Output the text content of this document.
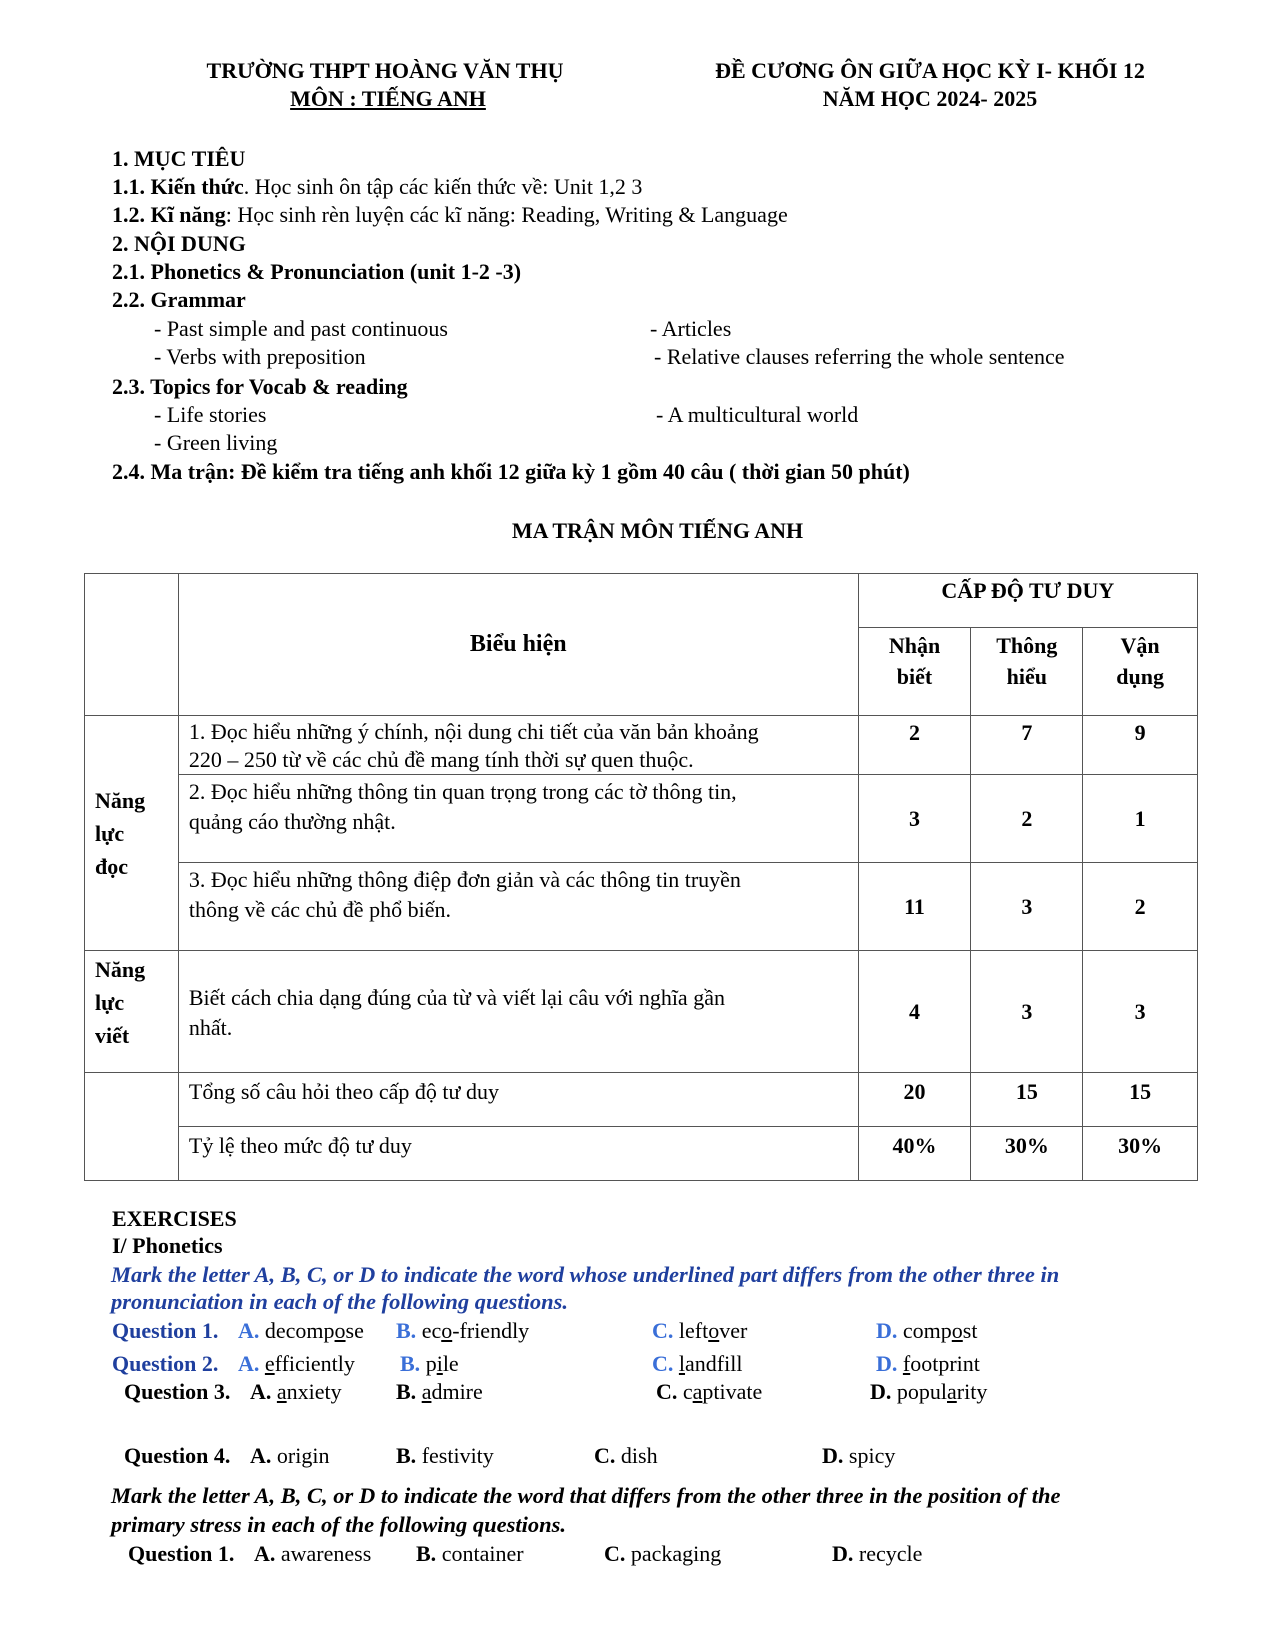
TRƯỜNG THPT HOÀNG VĂN THỤ
MÔN : TIẾNG ANH
ĐỀ CƯƠNG ÔN GIỮA HỌC KỲ I- KHỐI 12
NĂM HỌC 2024- 2025
1. MỤC TIÊU
1.1. Kiến thức. Học sinh ôn tập các kiến thức về: Unit 1,2 3
1.2. Kĩ năng: Học sinh rèn luyện các kĩ năng: Reading, Writing & Language
2. NỘI DUNG
2.1. Phonetics & Pronunciation (unit 1-2 -3)
2.2. Grammar
- Past simple and past continuous	- Articles
- Verbs with preposition	- Relative clauses referring the whole sentence
2.3. Topics for Vocab & reading
- Life stories	- A multicultural world
- Green living
2.4. Ma trận: Đề kiểm tra tiếng anh khối 12 giữa kỳ 1 gồm 40 câu ( thời gian 50 phút)
MA TRẬN MÔN TIẾNG ANH
	Biểu hiện	CẤP ĐỘ TƯ DUY		
		Nhận
biết	Thông
hiểu	Vận
dụng
Năng
lực
đọc	1. Đọc hiểu những ý chính, nội dung chi tiết của văn bản khoảng
220 – 250 từ về các chủ đề mang tính thời sự quen thuộc.	2	7	9
	2. Đọc hiểu những thông tin quan trọng trong các tờ thông tin,
quảng cáo thường nhật.	3	2	1
	3. Đọc hiểu những thông điệp đơn giản và các thông tin truyền
thông về các chủ đề phổ biến.	11	3	2
Năng
lực
viết	Biết cách chia dạng đúng của từ và viết lại câu với nghĩa gần
nhất.	4	3	3
	Tổng số câu hỏi theo cấp độ tư duy	20	15	15
	Tỷ lệ theo mức độ tư duy	40%	30%	30%
EXERCISES
I/ Phonetics
Mark the letter A, B, C, or D to indicate the word whose underlined part differs from the other three in
pronunciation in each of the following questions.
Question 1. A. decompose B. eco-friendly	C. leftover	D. compost
Question 2. A. efficiently B. pile	C. landfill	D. footprint
Question 3. A. anxiety B. admire	C. captivate	D. popularity
Question 4. A. origin	B. festivity	C. dish	D. spicy
Mark the letter A, B, C, or D to indicate the word that differs from the other three in the position of the
primary stress in each of the following questions.
Question 1. A. awareness B. container	C. packaging	D. recycle
